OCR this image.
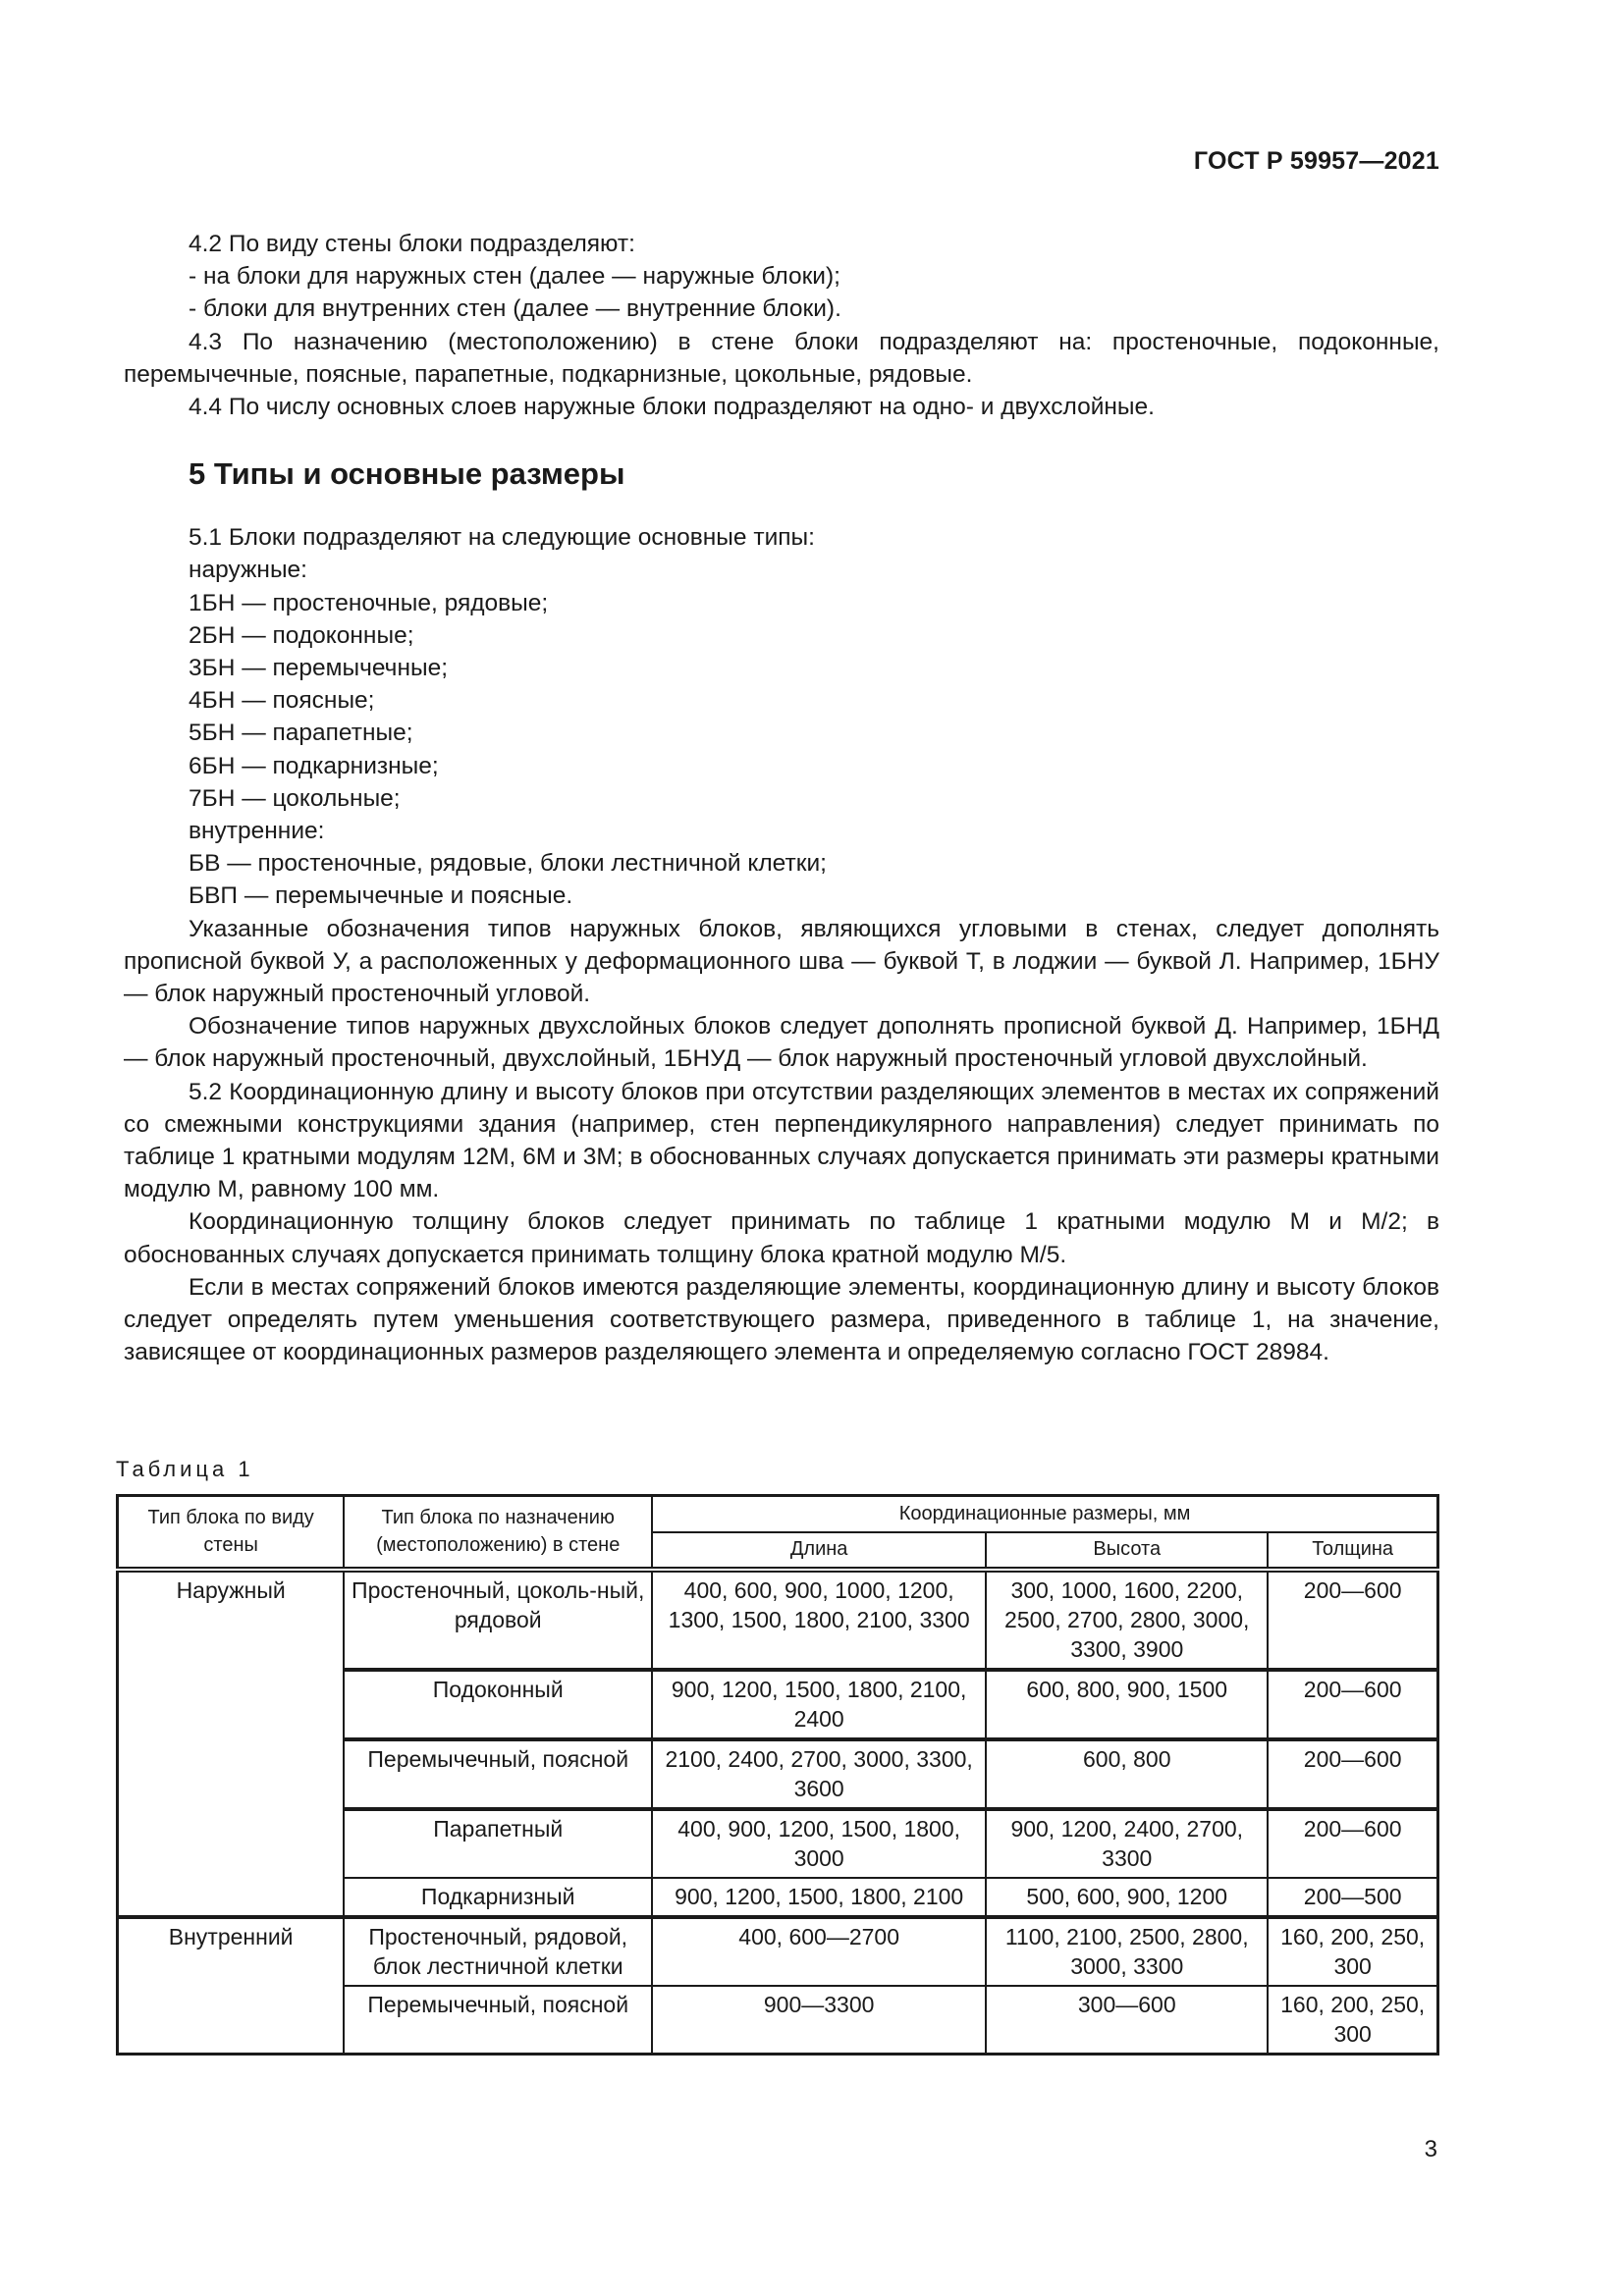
ГОСТ Р 59957—2021

4.2 По виду стены блоки подразделяют:

- на блоки для наружных стен (далее — наружные блоки);

- блоки для внутренних стен (далее — внутренние блоки).

4.3 По назначению (местоположению) в стене блоки подразделяют на: простеночные, подоконные, перемычечные, поясные, парапетные, подкарнизные, цокольные, рядовые.

4.4 По числу основных слоев наружные блоки подразделяют на одно- и двухслойные.

5 Типы и основные размеры

5.1 Блоки подразделяют на следующие основные типы:

наружные:

1БН — простеночные, рядовые;

2БН — подоконные;

3БН — перемычечные;

4БН — поясные;

5БН — парапетные;

6БН — подкарнизные;

7БН — цокольные;

внутренние:

БВ — простеночные, рядовые, блоки лестничной клетки;

БВП — перемычечные и поясные.

Указанные обозначения типов наружных блоков, являющихся угловыми в стенах, следует дополнять прописной буквой У, а расположенных у деформационного шва — буквой Т, в лоджии — буквой Л. Например, 1БНУ — блок наружный простеночный угловой.

Обозначение типов наружных двухслойных блоков следует дополнять прописной буквой Д. Например, 1БНД — блок наружный простеночный, двухслойный, 1БНУД — блок наружный простеночный угловой двухслойный.

5.2 Координационную длину и высоту блоков при отсутствии разделяющих элементов в местах их сопряжений со смежными конструкциями здания (например, стен перпендикулярного направления) следует принимать по таблице 1 кратными модулям 12М, 6М и 3М; в обоснованных случаях допускается принимать эти размеры кратными модулю М, равному 100 мм.

Координационную толщину блоков следует принимать по таблице 1 кратными модулю М и М/2; в обоснованных случаях допускается принимать толщину блока кратной модулю М/5.

Если в местах сопряжений блоков имеются разделяющие элементы, координационную длину и высоту блоков следует определять путем уменьшения соответствующего размера, приведенного в таблице 1, на значение, зависящее от координационных размеров разделяющего элемента и определяемую согласно ГОСТ 28984.

Таблица 1
Тип блока по виду стены	Тип блока по назначению (местоположению) в стене	Координационные размеры, мм		
		Длина	Высота	Толщина
Наружный	Простеночный, цоколь-ный, рядовой	400, 600, 900, 1000, 1200, 1300, 1500, 1800, 2100, 3300	300, 1000, 1600, 2200, 2500, 2700, 2800, 3000, 3300, 3900	200—600
	Подоконный	900, 1200, 1500, 1800, 2100, 2400	600, 800, 900, 1500	200—600
	Перемычечный, поясной	2100, 2400, 2700, 3000, 3300, 3600	600, 800	200—600
	Парапетный	400, 900, 1200, 1500, 1800, 3000	900, 1200, 2400, 2700, 3300	200—600
	Подкарнизный	900, 1200, 1500, 1800, 2100	500, 600, 900, 1200	200—500
Внутренний	Простеночный, рядовой, блок лестничной клетки	400, 600—2700	1100, 2100, 2500, 2800, 3000, 3300	160, 200, 250, 300
	Перемычечный, поясной	900—3300	300—600	160, 200, 250, 300
3
